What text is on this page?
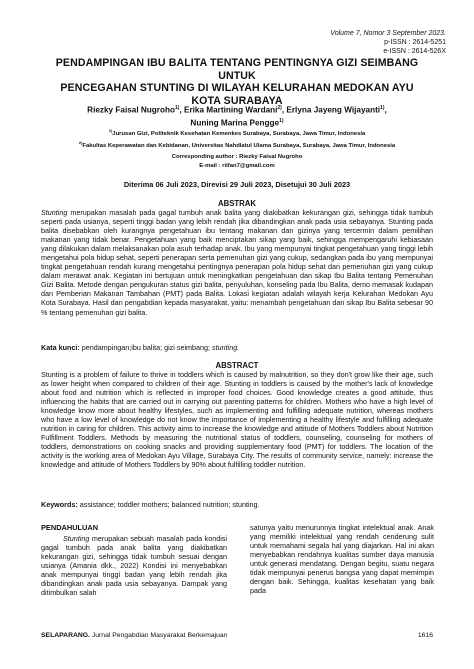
Volume 7, Nomor 3 September 2023.
p-ISSN : 2614-5251
e-ISSN : 2614-526X
PENDAMPINGAN IBU BALITA TENTANG PENTINGNYA GIZI SEIMBANG UNTUK
PENCEGAHAN STUNTING DI WILAYAH KELURAHAN MEDOKAN AYU
KOTA SURABAYA
Riezky Faisal Nugroho$^{1)}$, Erika Martining Wardani$^{2)}$, Erlyna Jayeng Wijayanti$^{1)}$,
Nuning Marina Pengge$^{1)}$
$^{1)}$Jurusan Gizi, Politeknik Kesehatan Kemenkes Surabaya, Surabaya, Jawa Timur, Indonesia
$^{2)}$Fakultas Keperawatan dan Kebidanan, Universitas Nahdlatul Ulama Surabaya, Surabaya, Jawa Timur, Indonesia
Corresponding author : Riezky Faisal Nugroho
E-mail : riifan7@gmail.com
Diterima 06 Juli 2023, Direvisi 29 Juli 2023, Disetujui 30 Juli 2023
ABSTRAK
Stunting merupakan masalah pada gagal tumbuh anak balita yang diakibatkan kekurangan gizi, sehingga tidak tumbuh seperti pada usianya, seperti tinggi badan yang lebih rendah jika dibandingkan anak pada usia sebayanya. Stunting pada balita disebabkan oleh kurangnya pengetahuan ibu tentang makanan dan gizinya yang tercermin dalam pemilihan makanan yang tidak benar. Pengetahuan yang baik menciptakan sikap yang baik, sehingga mempengaruhi kebiasaan yang dilakukan dalam melaksanakan pola asuh terhadap anak. Ibu yang mempunyai tingkat pengetahuan yang tinggi lebih mengetahui pola hidup sehat, seperti penerapan serta pemenuhan gizi yang cukup, sedangkan pada ibu yang mempunyai tingkat pengetahuan rendah kurang mengetahui pentingnya penerapan pola hidup sehat dan pemenuhan gizi yang cukup dalam merawat anak. Kegiatan ini bertujuan untuk meningkatkan pengetahuan dan sikap Ibu Balita tentang Pemenuhan Gizi Balita. Metode dengan pengukuran status gizi balita, penyuluhan, konseling pada Ibu Balita, demo memasak kudapan dan Pemberian Makanan Tambahan (PMT) pada Balita. Lokasi kegiatan adalah wilayah kerja Kelurahan Medokan Ayu Kota Surabaya. Hasil dari pengabdian kepada masyarakat, yaitu: menambah pengetahuan dan sikap Ibu Balita sebesar 90 % tentang pemenuhan gizi balita.
Kata kunci: pendampingan;ibu balita; gizi seimbang; stunting.
ABSTRACT
Stunting is a problem of failure to thrive in toddlers which is caused by malnutrition, so they don't grow like their age, such as lower height when compared to children of their age. Stunting in toddlers is caused by the mother's lack of knowledge about food and nutrition which is reflected in improper food choices. Good knowledge creates a good attitude, thus influencing the habits that are carried out in carrying out parenting patterns for children. Mothers who have a high level of knowledge know more about healthy lifestyles, such as implementing and fulfilling adequate nutrition, whereas mothers who have a low level of knowledge do not know the importance of implementing a healthy lifestyle and fulfilling adequate nutrition in caring for children. This activity aims to increase the knowledge and attitude of Mothers Toddlers about Nutrition Fulfillment Toddlers. Methods by measuring the nutritional status of toddlers, counseling, counseling for mothers of toddlers, demonstrations on cooking snacks and providing supplementary food (PMT) for toddlers. The location of the activity is the working area of Medokan Ayu Village, Surabaya City. The results of community service, namely: increase the knowledge and attitude of Mothers Toddlers by 90% about fulfilling toddler nutrition.
Keywords: assistance; toddler mothers; balanced nutrition; stunting.
PENDAHULUAN

Stunting merupakan sebuah masalah pada kondisi gagal tumbuh pada anak balita yang diakibatkan kekurangan gizi, sehingga tidak tumbuh sesuai dengan usianya (Amania dkk., 2022) Kondisi ini menyebabkan anak mempunyai tinggi badan yang lebih rendah jika dibandingkan anak pada usia sebayanya. Dampak yang ditimbulkan salah

satunya yaitu menurunnya tingkat intelektual anak. Anak yang memiliki intelektual yang rendah cenderung sulit untuk memahami segala hal yang diajarkan. Hal ini akan menyebabkan rendahnya kualitas sumber daya manusia untuk generasi mendatang. Dengan begitu, suatu negara tidak mempunyai penerus bangsa yang dapat memimpin dengan baik. Sehingga, kualitas kesehatan yang baik pada

SELAPARANG. Jurnal Pengabdian Masyarakat Berkemajuan	1616
